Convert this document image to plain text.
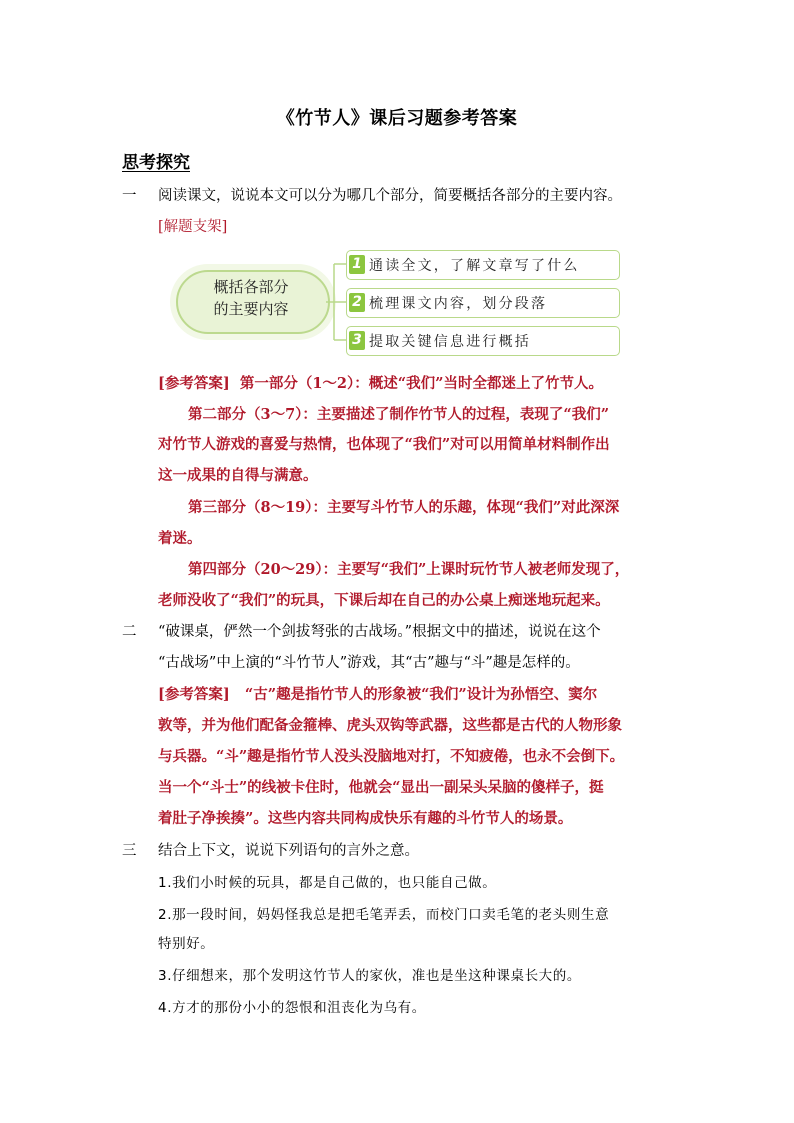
《竹节人》课后习题参考答案
思考探究
一 阅读课文，说说本文可以分为哪几个部分，简要概括各部分的主要内容。
[解题支架]
概括各部分
的主要内容
1 通读全文，了解文章写了什么
2 梳理课文内容，划分段落
3 提取关键信息进行概括
[参考答案] 第一部分（1～2）：概述“我们”当时全都迷上了竹节人。
第二部分（3～7）：主要描述了制作竹节人的过程，表现了“我们”
对竹节人游戏的喜爱与热情，也体现了“我们”对可以用简单材料制作出
这一成果的自得与满意。
第三部分（8～19）：主要写斗竹节人的乐趣，体现“我们”对此深深
着迷。
第四部分（20～29）：主要写“我们”上课时玩竹节人被老师发现了，
老师没收了“我们”的玩具，下课后却在自己的办公桌上痴迷地玩起来。
二 “破课桌，俨然一个剑拔弩张的古战场。”根据文中的描述，说说在这个
“古战场”中上演的“斗竹节人”游戏，其“古”趣与“斗”趣是怎样的。
[参考答案] “古”趣是指竹节人的形象被“我们”设计为孙悟空、窦尔
敦等，并为他们配备金箍棒、虎头双钩等武器，这些都是古代的人物形象
与兵器。“斗”趣是指竹节人没头没脑地对打，不知疲倦，也永不会倒下。
当一个“斗士”的线被卡住时，他就会“显出一副呆头呆脑的傻样子，挺
着肚子净挨揍”。这些内容共同构成快乐有趣的斗竹节人的场景。
三 结合上下文，说说下列语句的言外之意。
1.我们小时候的玩具，都是自己做的，也只能自己做。
2.那一段时间，妈妈怪我总是把毛笔弄丢，而校门口卖毛笔的老头则生意
特别好。
3.仔细想来，那个发明这竹节人的家伙，准也是坐这种课桌长大的。
4.方才的那份小小的怨恨和沮丧化为乌有。
